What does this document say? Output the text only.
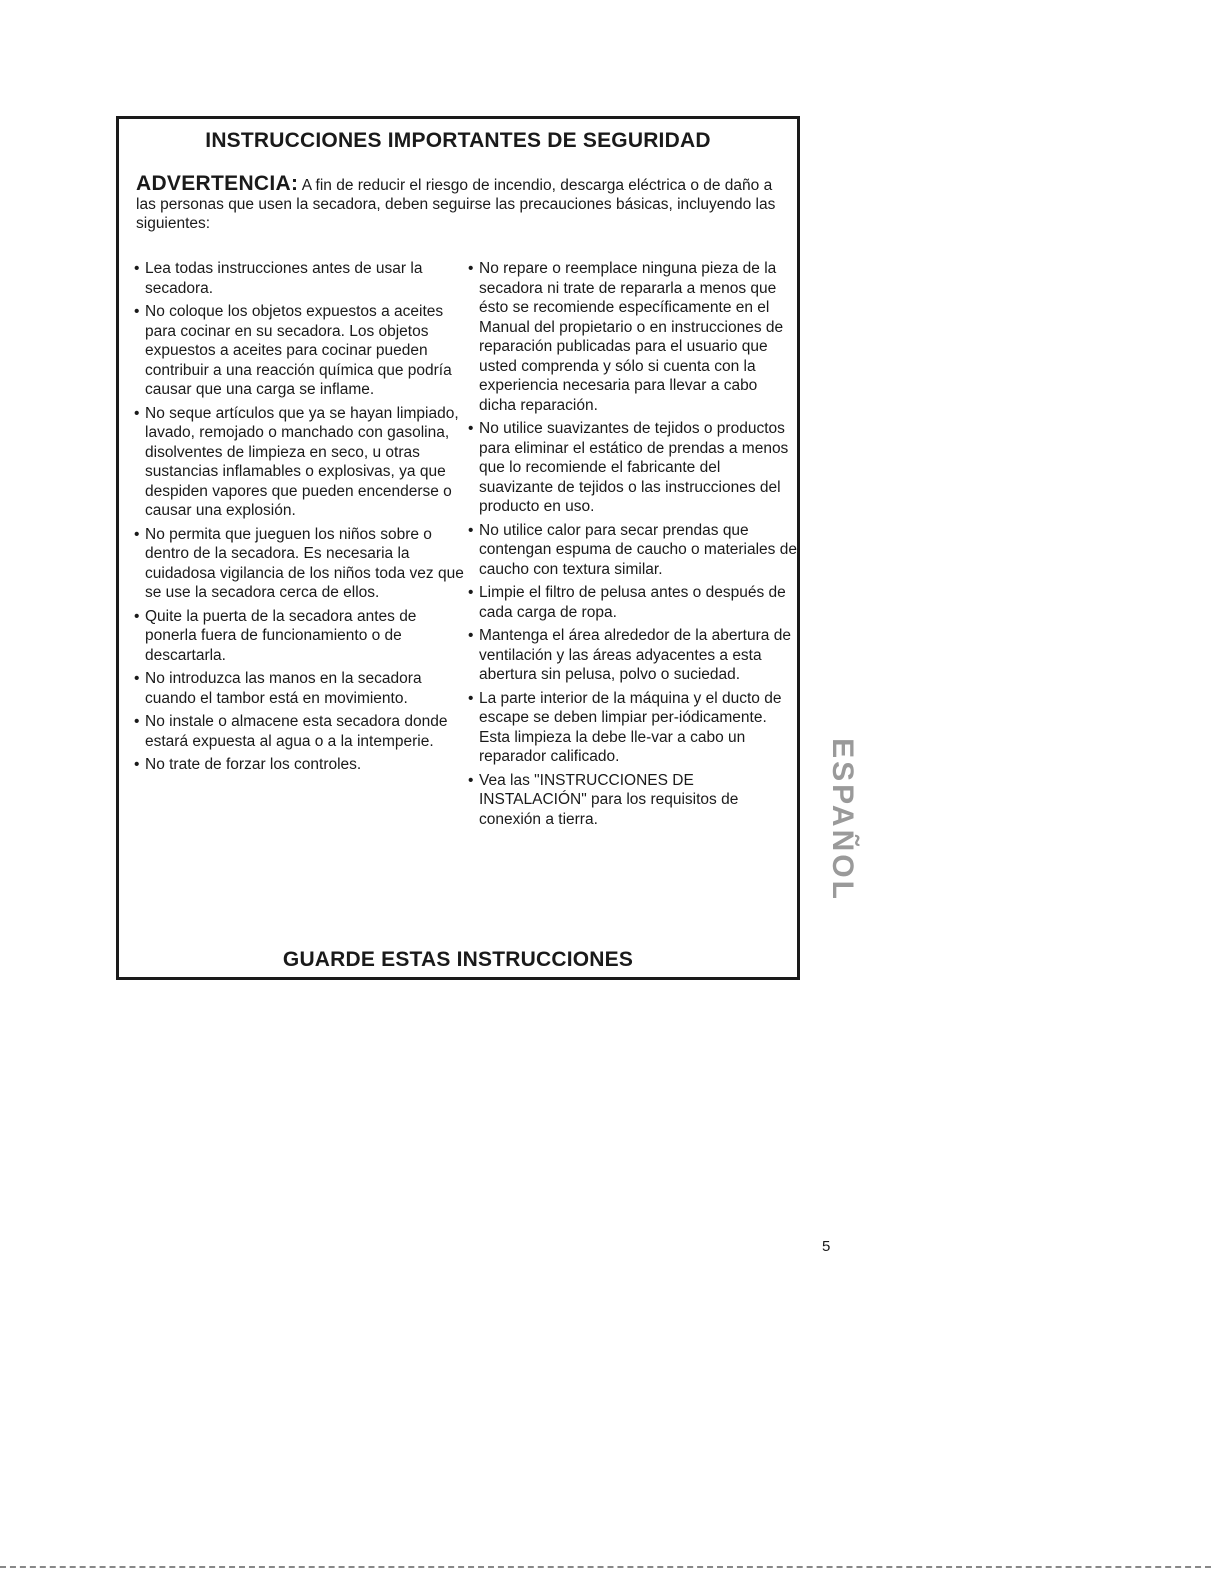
INSTRUCCIONES IMPORTANTES DE SEGURIDAD
ADVERTENCIA: A fin de reducir el riesgo de incendio, descarga eléctrica o de daño a las personas que usen la secadora, deben seguirse las precauciones básicas, incluyendo las siguientes:
• Lea todas instrucciones antes de usar la secadora.
• No coloque los objetos expuestos a aceites para cocinar en su secadora. Los objetos expuestos a aceites para cocinar pueden contribuir a una reacción química que podría causar que una carga se inflame.
• No seque artículos que ya se hayan limpiado, lavado, remojado o manchado con gasolina, disolventes de limpieza en seco, u otras sustancias inflamables o explosivas, ya que despiden vapores que pueden encenderse o causar una explosión.
• No permita que jueguen los niños sobre o dentro de la secadora. Es necesaria la cuidadosa vigilancia de los niños toda vez que se use la secadora cerca de ellos.
• Quite la puerta de la secadora antes de ponerla fuera de funcionamiento o de descartarla.
• No introduzca las manos en la secadora cuando el tambor está en movimiento.
• No instale o almacene esta secadora donde estará expuesta al agua o a la intemperie.
• No trate de forzar los controles.
• No repare o reemplace ninguna pieza de la secadora ni trate de repararla a menos que ésto se recomiende específicamente en el Manual del propietario o en instrucciones de reparación publicadas para el usuario que usted comprenda y sólo si cuenta con la experiencia necesaria para llevar a cabo dicha reparación.
• No utilice suavizantes de tejidos o productos para eliminar el estático de prendas a menos que lo recomiende el fabricante del suavizante de tejidos o las instrucciones del producto en uso.
• No utilice calor para secar prendas que contengan espuma de caucho o materiales de caucho con textura similar.
• Limpie el filtro de pelusa antes o después de cada carga de ropa.
• Mantenga el área alrededor de la abertura de ventilación y las áreas adyacentes a esta abertura sin pelusa, polvo o suciedad.
• La parte interior de la máquina y el ducto de escape se deben limpiar per-iódicamente. Esta limpieza la debe lle-var a cabo un reparador calificado.
• Vea las "INSTRUCCIONES DE INSTALACIÓN" para los requisitos de conexión a tierra.
GUARDE ESTAS INSTRUCCIONES
ESPAÑOL
5
